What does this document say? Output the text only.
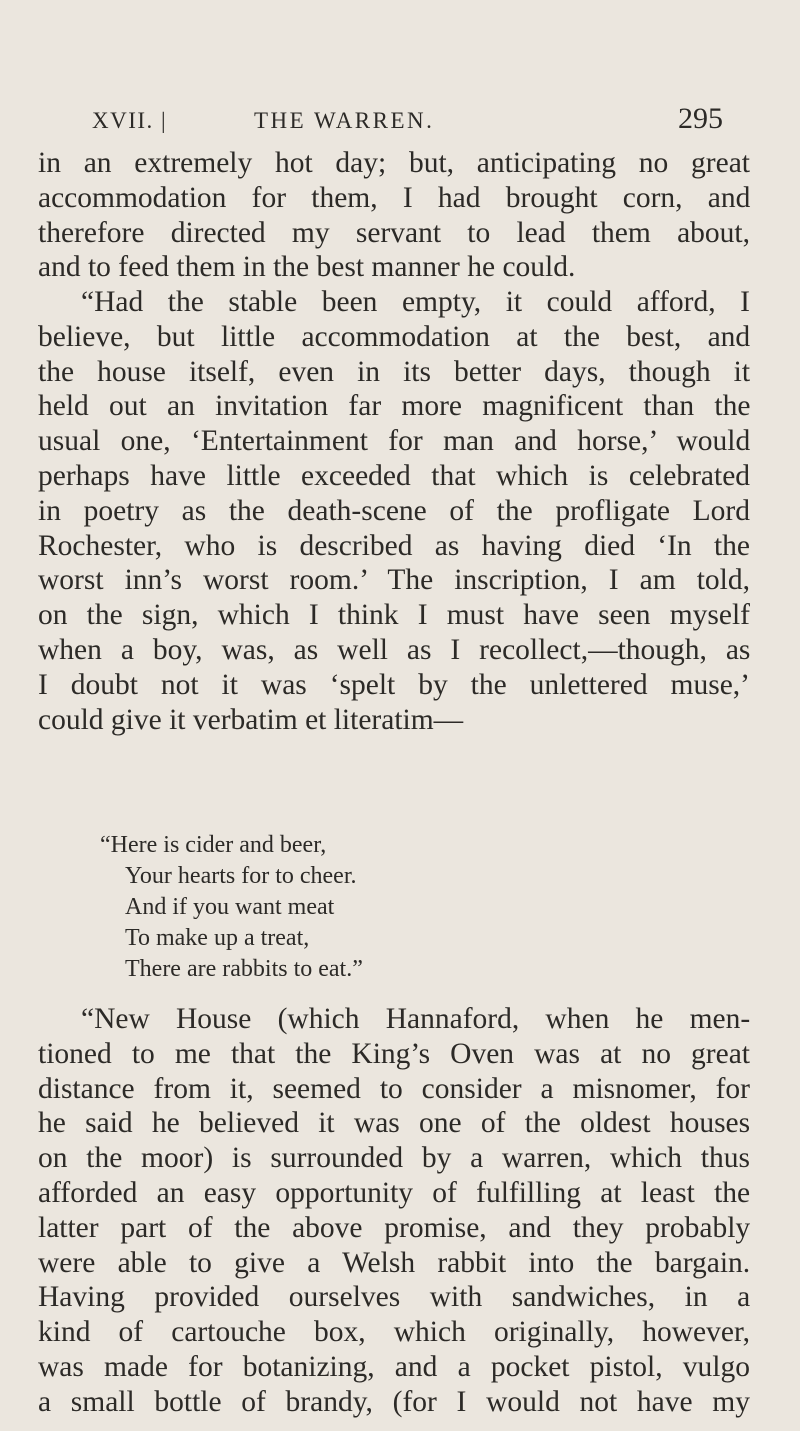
XVII. |	THE WARREN.	295
in an extremely hot day; but, anticipating no great
accommodation for them, I had brought corn, and
therefore directed my servant to lead them about,
and to feed them in the best manner he could.
“Had the stable been empty, it could afford, I
believe, but little accommodation at the best, and
the house itself, even in its better days, though it
held out an invitation far more magnificent than the
usual one, ‘Entertainment for man and horse,’ would
perhaps have little exceeded that which is celebrated
in poetry as the death-scene of the profligate Lord
Rochester, who is described as having died ‘In the
worst inn’s worst room.’ The inscription, I am told,
on the sign, which I think I must have seen myself
when a boy, was, as well as I recollect,—though, as
I doubt not it was ‘spelt by the unlettered muse,’
could give it verbatim et literatim—
“Here is cider and beer,
Your hearts for to cheer.
And if you want meat
To make up a treat,
There are rabbits to eat.”
“New House (which Hannaford, when he men-
tioned to me that the King’s Oven was at no great
distance from it, seemed to consider a misnomer, for
he said he believed it was one of the oldest houses
on the moor) is surrounded by a warren, which thus
afforded an easy opportunity of fulfilling at least the
latter part of the above promise, and they probably
were able to give a Welsh rabbit into the bargain.
Having provided ourselves with sandwiches, in a
kind of cartouche box, which originally, however,
was made for botanizing, and a pocket pistol, vulgo
a small bottle of brandy, (for I would not have my
